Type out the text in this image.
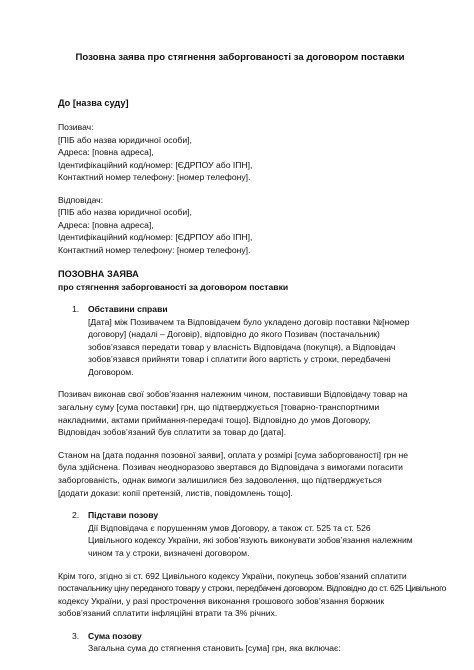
Позовна заява про стягнення заборгованості за договором поставки
До [назва суду]
Позивач:
[ПІБ або назва юридичної особи],
Адреса: [повна адреса],
Ідентифікаційний код/номер: [ЄДРПОУ або ІПН],
Контактний номер телефону: [номер телефону].
Відповідач:
[ПІБ або назва юридичної особи],
Адреса: [повна адреса],
Ідентифікаційний код/номер: [ЄДРПОУ або ІПН],
Контактний номер телефону: [номер телефону].
ПОЗОВНА ЗАЯВА
про стягнення заборгованості за договором поставки
1.	Обставини справи
[Дата] між Позивачем та Відповідачем було укладено договір поставки №[номер
договору] (надалі – Договір), відповідно до якого Позивач (постачальник)
зобов’язався передати товар у власність Відповідача (покупця), а Відповідач
зобов’язався прийняти товар і сплатити його вартість у строки, передбачені
Договором.
Позивач виконав свої зобов’язання належним чином, поставивши Відповідачу товар на
загальну суму [сума поставки] грн, що підтверджується [товарно-транспортними
накладними, актами приймання-передачі тощо]. Відповідно до умов Договору,
Відповідач зобов’язаний був сплатити за товар до [дата].
Станом на [дата подання позовної заяви], оплата у розмірі [сума заборгованості] грн не
була здійснена. Позивач неодноразово звертався до Відповідача з вимогами погасити
заборгованість, однак вимоги залишилися без задоволення, що підтверджується
[додати докази: копії претензій, листів, повідомлень тощо].
2.	Підстави позову
Дії Відповідача є порушенням умов Договору, а також ст. 525 та ст. 526
Цивільного кодексу України, які зобов’язують виконувати зобов’язання належним
чином та у строки, визначені договором.
Крім того, згідно зі ст. 692 Цивільного кодексу України, покупець зобов’язаний сплатити
постачальнику ціну переданого товару у строки, передбачені договором. Відповідно до ст. 625 Цивільного
кодексу України, у разі прострочення виконання грошового зобов’язання боржник
зобов’язаний сплатити інфляційні втрати та 3% річних.
3.	Сума позову
Загальна сума до стягнення становить [сума] грн, яка включає:
